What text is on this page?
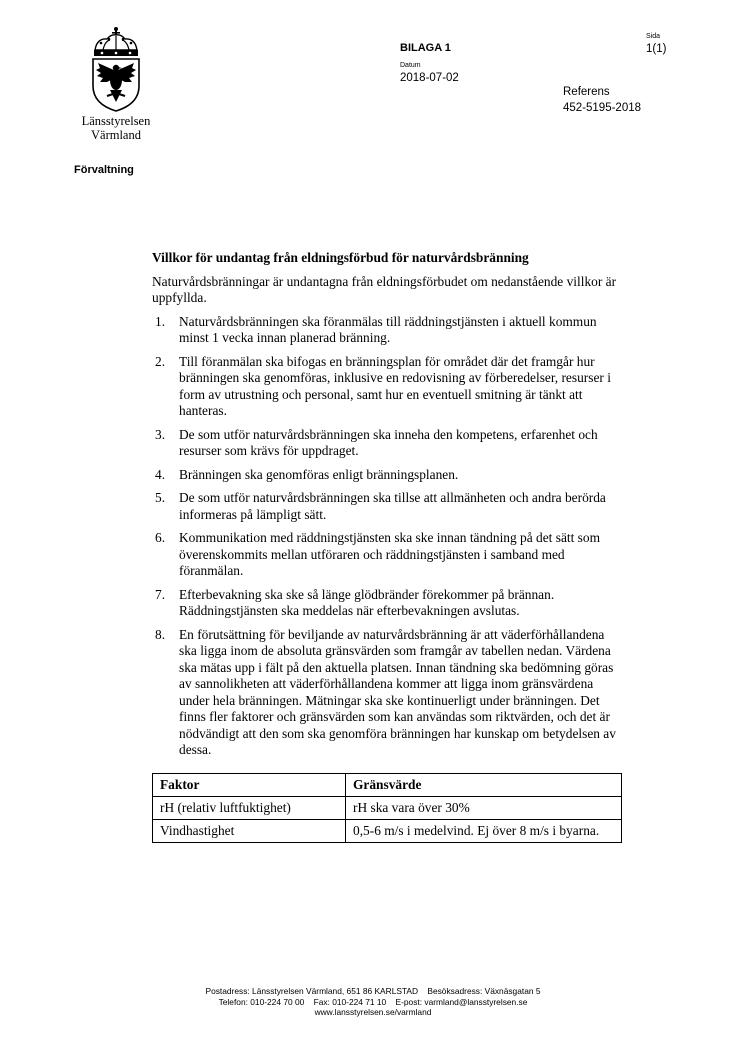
Länsstyrelsen
Värmland
Förvaltning
BILAGA 1
Datum
2018-07-02
Referens
452-5195-2018
Sida
1(1)
Villkor för undantag från eldningsförbud för naturvårdsbränning
Naturvårdsbränningar är undantagna från eldningsförbudet om nedanstående villkor är uppfyllda.
1. Naturvårdsbränningen ska föranmälas till räddningstjänsten i aktuell kommun minst 1 vecka innan planerad bränning.
2. Till föranmälan ska bifogas en bränningsplan för området där det framgår hur bränningen ska genomföras, inklusive en redovisning av förberedelser, resurser i form av utrustning och personal, samt hur en eventuell smitning är tänkt att hanteras.
3. De som utför naturvårdsbränningen ska inneha den kompetens, erfarenhet och resurser som krävs för uppdraget.
4. Bränningen ska genomföras enligt bränningsplanen.
5. De som utför naturvårdsbränningen ska tillse att allmänheten och andra berörda informeras på lämpligt sätt.
6. Kommunikation med räddningstjänsten ska ske innan tändning på det sätt som överenskommits mellan utföraren och räddningstjänsten i samband med föranmälan.
7. Efterbevakning ska ske så länge glödbränder förekommer på brännan. Räddningstjänsten ska meddelas när efterbevakningen avslutas.
8. En förutsättning för beviljande av naturvårdsbränning är att väderförhållandena ska ligga inom de absoluta gränsvärden som framgår av tabellen nedan. Värdena ska mätas upp i fält på den aktuella platsen. Innan tändning ska bedömning göras av sannolikheten att väderförhållandena kommer att ligga inom gränsvärdena under hela bränningen. Mätningar ska ske kontinuerligt under bränningen. Det finns fler faktorer och gränsvärden som kan användas som riktvärden, och det är nödvändigt att den som ska genomföra bränningen har kunskap om betydelsen av dessa.
Faktor	Gränsvärde
rH (relativ luftfuktighet)	rH ska vara över 30%
Vindhastighet	0,5-6 m/s i medelvind. Ej över 8 m/s i byarna.
Postadress: Länsstyrelsen Värmland, 651 86 KARLSTAD    Besöksadress: Växnäsgatan 5
Telefon: 010-224 70 00    Fax: 010-224 71 10    E-post: varmland@lansstyrelsen.se
www.lansstyrelsen.se/varmland
